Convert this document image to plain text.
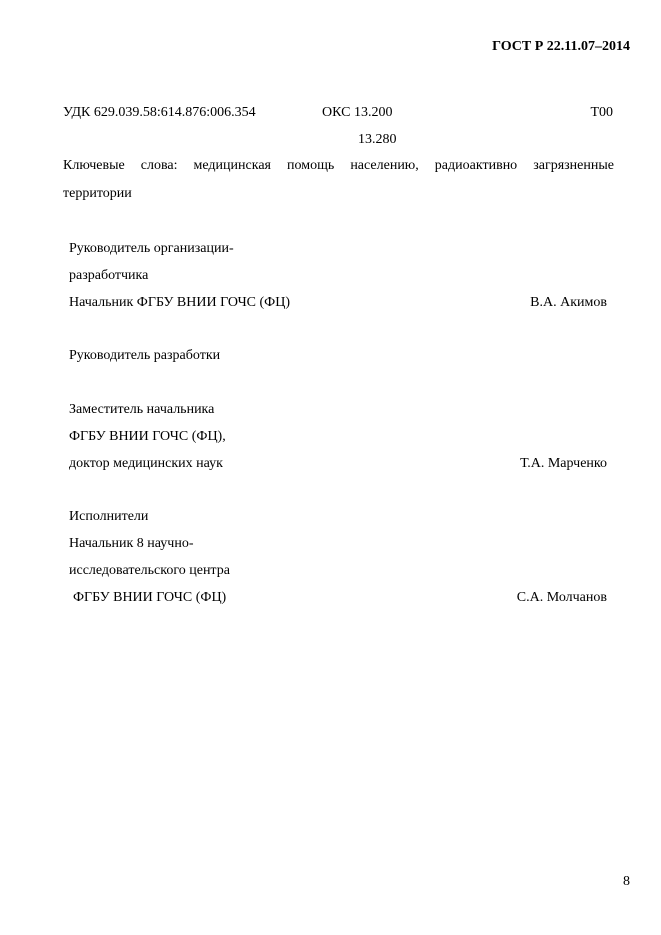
ГОСТ Р 22.11.07–2014
УДК 629.039.58:614.876:006.354	ОКС 13.200
13.280
Т00
Ключевые слова: медицинская помощь населению, радиоактивно загрязненные
территории
Руководитель организации-
разработчика
Начальник ФГБУ ВНИИ ГОЧС (ФЦ)	В.А. Акимов
Руководитель разработки
Заместитель начальника
ФГБУ ВНИИ ГОЧС (ФЦ),
доктор медицинских наук	Т.А. Марченко
Исполнители
Начальник 8 научно-
исследовательского центра
ФГБУ ВНИИ ГОЧС (ФЦ)	С.А. Молчанов
8
